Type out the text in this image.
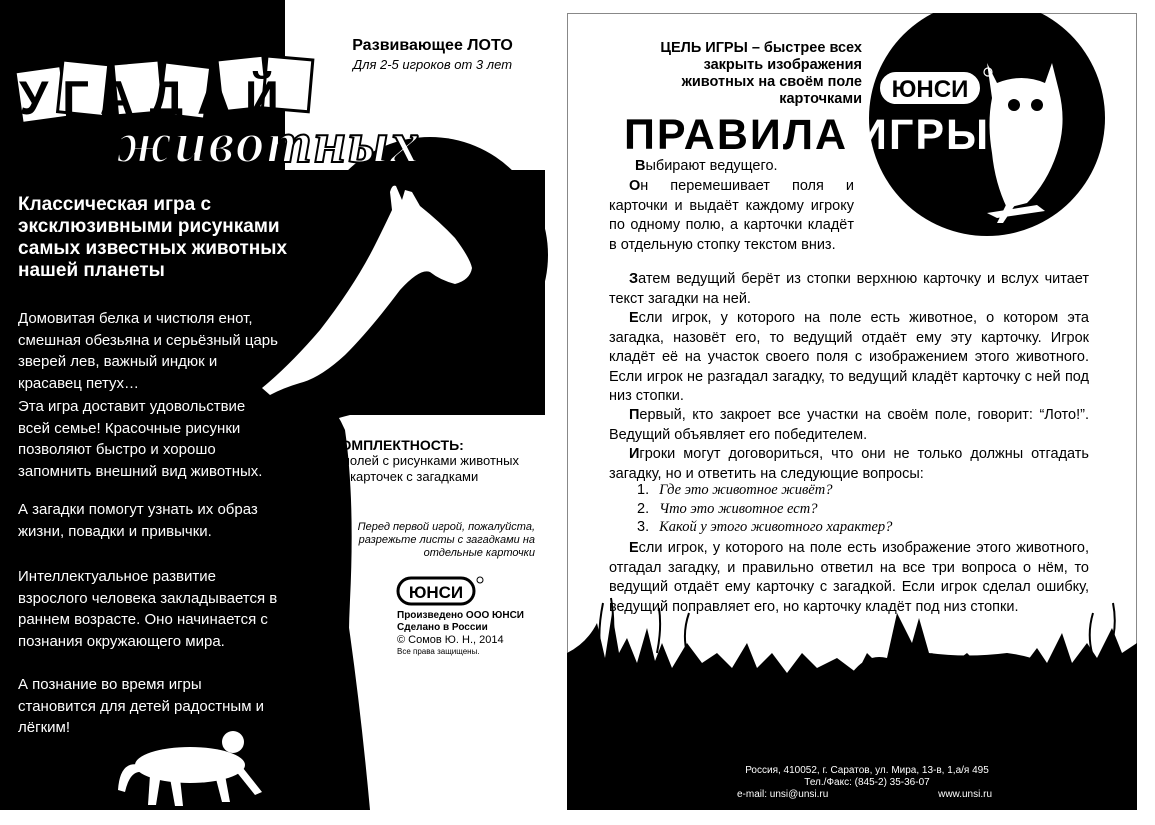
УГАДАЙ
животных
Развивающее ЛОТО
Для 2-5 игроков от 3 лет
Классическая игра с эксклюзивными рисунками самых известных животных нашей планеты

Домовитая белка и чистюля енот, смешная обезьяна и серьёзный царь зверей лев, важный индюк и красавец петух…

Эта игра доставит удовольствие всей семье! Красочные рисунки позволяют быстро и хорошо запомнить внешний вид животных.

А загадки помогут узнать их образ жизни, повадки и привычки.

Интеллектуальное развитие взрослого человека закладывается в раннем возрасте. Оно начинается с познания окружающего мира.

А познание во время игры становится для детей радостным и лёгким!

КОМПЛЕКТНОСТЬ:
5 полей с рисунками животных
30 карточек с загадками
Перед первой игрой, пожалуйста, разрежьте листы с загадками на отдельные карточки
ЮНСИ
Произведено ООО ЮНСИ
Сделано в России
© Сомов Ю. Н., 2014
Все права защищены.
ЦЕЛЬ ИГРЫ – быстрее всех закрыть изображения животных на своём поле карточками ЮНСИ
ПРАВИЛА ИГРЫ

Выбирают ведущего.

Он перемешивает поля и карточки и выдаёт каждому игроку по одному полю, а карточки кладёт в отдельную стопку текстом вниз.

Затем ведущий берёт из стопки верхнюю карточку и вслух читает текст загадки на ней.

Если игрок, у которого на поле есть животное, о котором эта загадка, назовёт его, то ведущий отдаёт ему эту карточку. Игрок кладёт её на участок своего поля с изображением этого животного. Если игрок не разгадал загадку, то ведущий кладёт карточку с ней под низ стопки.

Первый, кто закроет все участки на своём поле, говорит: “Лото!”. Ведущий объявляет его победителем.

Игроки могут договориться, что они не только должны отгадать загадку, но и ответить на следующие вопросы:

1. Где это животное живёт?
2. Что это животное ест?
3. Какой у этого животного характер?

Если игрок, у которого на поле есть изображение этого животного, отгадал загадку, и правильно ответил на все три вопроса о нём, то ведущий отдаёт ему карточку с загадкой. Если игрок сделал ошибку, ведущий поправляет его, но карточку кладёт под низ стопки.

Россия, 410052, г. Саратов, ул. Мира, 13-в, 1,а/я 495
Тел./Факс: (845-2) 35-36-07
e-mail: unsi@unsi.ru	www.unsi.ru
